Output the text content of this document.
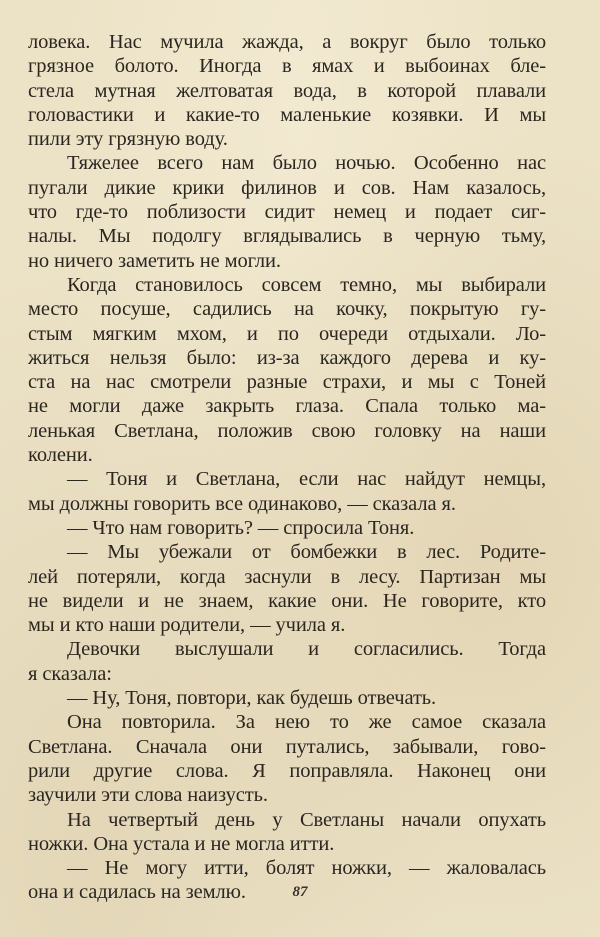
ловека. Нас мучила жажда, а вокруг было только
грязное болото. Иногда в ямах и выбоинах бле-
стела мутная желтоватая вода, в которой плавали
головастики и какие-то маленькие козявки. И мы
пили эту грязную воду.
Тяжелее всего нам было ночью. Особенно нас
пугали дикие крики филинов и сов. Нам казалось,
что где-то поблизости сидит немец и подает сиг-
налы. Мы подолгу вглядывались в черную тьму,
но ничего заметить не могли.
Когда становилось совсем темно, мы выбирали
место посуше, садились на кочку, покрытую гу-
стым мягким мхом, и по очереди отдыхали. Ло-
житься нельзя было: из-за каждого дерева и ку-
ста на нас смотрели разные страхи, и мы с Тоней
не могли даже закрыть глаза. Спала только ма-
ленькая Светлана, положив свою головку на наши
колени.
— Тоня и Светлана, если нас найдут немцы,
мы должны говорить все одинаково, — сказала я.
— Что нам говорить? — спросила Тоня.
— Мы убежали от бомбежки в лес. Родите-
лей потеряли, когда заснули в лесу. Партизан мы
не видели и не знаем, какие они. Не говорите, кто
мы и кто наши родители, — учила я.
Девочки выслушали и согласились. Тогда
я сказала:
— Ну, Тоня, повтори, как будешь отвечать.
Она повторила. За нею то же самое сказала
Светлана. Сначала они путались, забывали, гово-
рили другие слова. Я поправляла. Наконец они
заучили эти слова наизусть.
На четвертый день у Светланы начали опухать
ножки. Она устала и не могла итти.
— Не могу итти, болят ножки, — жаловалась
она и садилась на землю.	87
